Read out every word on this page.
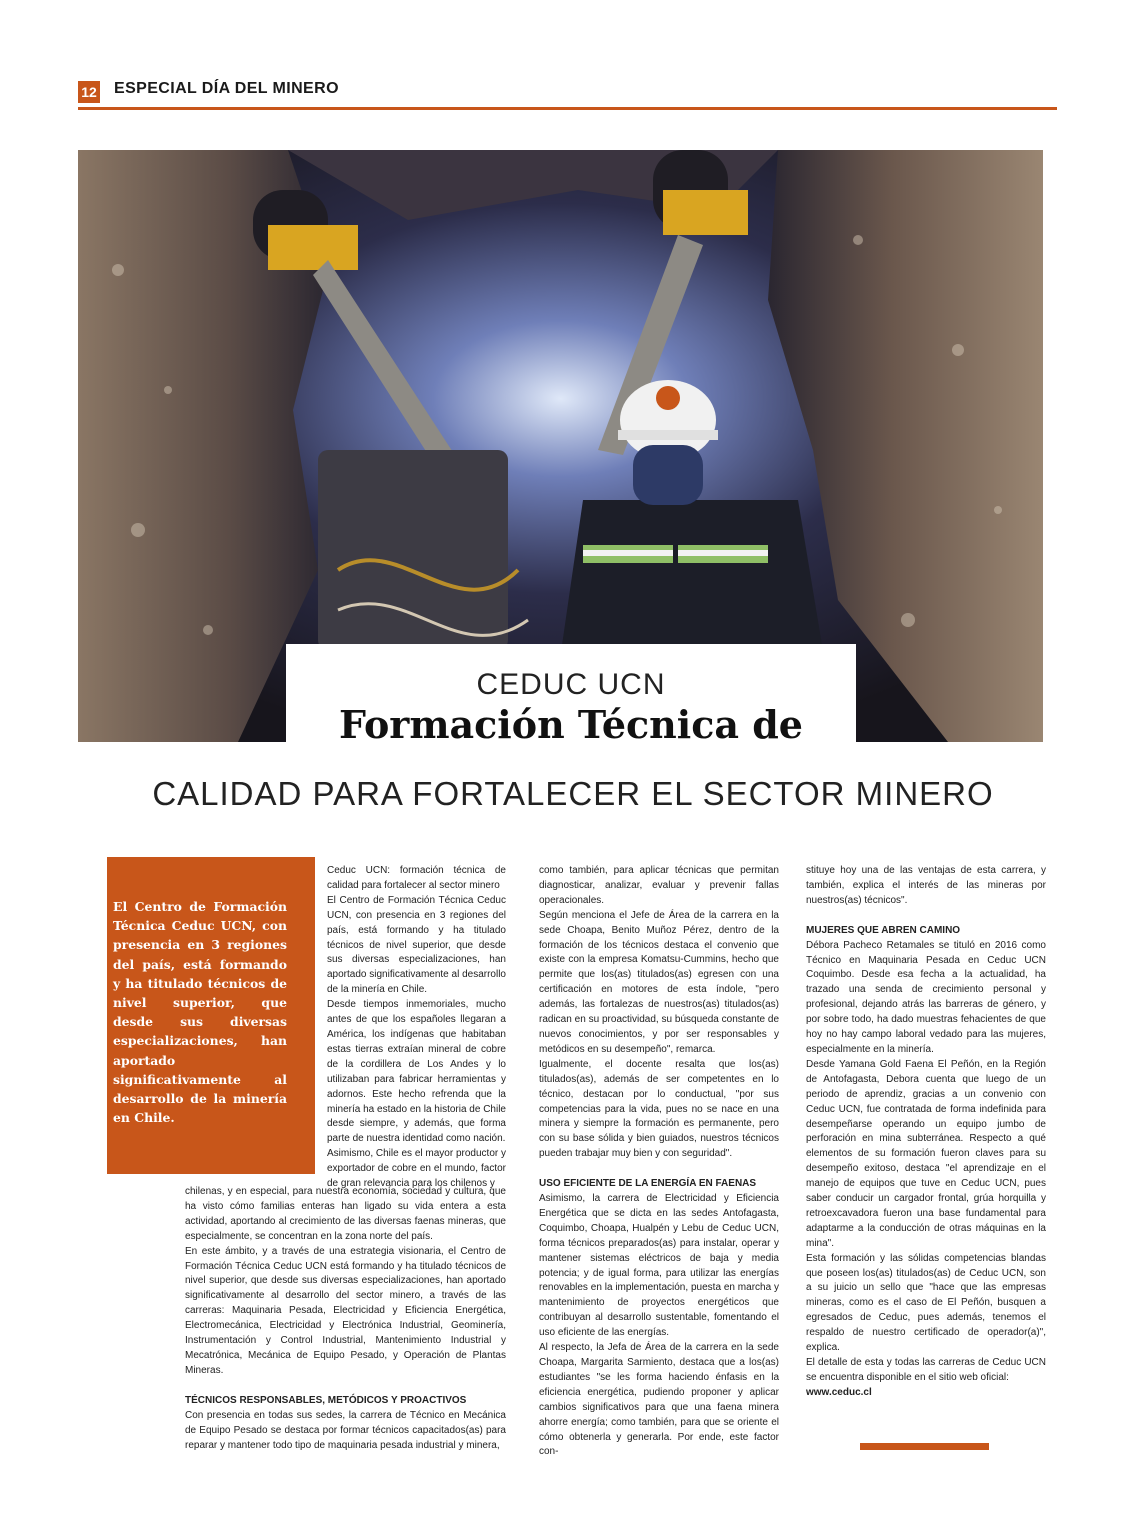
12 ESPECIAL DÍA DEL MINERO
CEDUC UCN
Formación Técnica de
CALIDAD PARA FORTALECER EL SECTOR MINERO

El Centro de Formación Técnica Ceduc UCN, con presencia en 3 regiones del país, está formando y ha titulado técnicos de nivel superior, que desde sus diversas especializaciones, han aportado significativamente al desarrollo de la minería en Chile.

Ceduc UCN: formación técnica de calidad para fortalecer al sector minero

El Centro de Formación Técnica Ceduc UCN, con presencia en 3 regiones del país, está formando y ha titulado técnicos de nivel superior, que desde sus diversas especializaciones, han aportado significativamente al desarrollo de la minería en Chile.

Desde tiempos inmemoriales, mucho antes de que los españoles llegaran a América, los indígenas que habitaban estas tierras extraían mineral de cobre de la cordillera de Los Andes y lo utilizaban para fabricar herramientas y adornos. Este hecho refrenda que la minería ha estado en la historia de Chile desde siempre, y además, que forma parte de nuestra identidad como nación.

Asimismo, Chile es el mayor productor y exportador de cobre en el mundo, factor de gran relevancia para los chilenos y

chilenas, y en especial, para nuestra economía, sociedad y cultura, que ha visto cómo familias enteras han ligado su vida entera a esta actividad, aportando al crecimiento de las diversas faenas mineras, que especialmente, se concentran en la zona norte del país.

En este ámbito, y a través de una estrategia visionaria, el Centro de Formación Técnica Ceduc UCN está formando y ha titulado técnicos de nivel superior, que desde sus diversas especializaciones, han aportado significativamente al desarrollo del sector minero, a través de las carreras: Maquinaria Pesada, Electricidad y Eficiencia Energética, Electromecánica, Electricidad y Electrónica Industrial, Geominería, Instrumentación y Control Industrial, Mantenimiento Industrial y Mecatrónica, Mecánica de Equipo Pesado, y Operación de Plantas Mineras.

TÉCNICOS RESPONSABLES, METÓDICOS Y PROACTIVOS

Con presencia en todas sus sedes, la carrera de Técnico en Mecánica de Equipo Pesado se destaca por formar técnicos capacitados(as) para reparar y mantener todo tipo de maquinaria pesada industrial y minera,

como también, para aplicar técnicas que permitan diagnosticar, analizar, evaluar y prevenir fallas operacionales.

Según menciona el Jefe de Área de la carrera en la sede Choapa, Benito Muñoz Pérez, dentro de la formación de los técnicos destaca el convenio que existe con la empresa Komatsu-Cummins, hecho que permite que los(as) titulados(as) egresen con una certificación en motores de esta índole, "pero además, las fortalezas de nuestros(as) titulados(as) radican en su proactividad, su búsqueda constante de nuevos conocimientos, y por ser responsables y metódicos en su desempeño", remarca.

Igualmente, el docente resalta que los(as) titulados(as), además de ser competentes en lo técnico, destacan por lo conductual, "por sus competencias para la vida, pues no se nace en una minera y siempre la formación es permanente, pero con su base sólida y bien guiados, nuestros técnicos pueden trabajar muy bien y con seguridad".

USO EFICIENTE DE LA ENERGÍA EN FAENAS

Asimismo, la carrera de Electricidad y Eficiencia Energética que se dicta en las sedes Antofagasta, Coquimbo, Choapa, Hualpén y Lebu de Ceduc UCN, forma técnicos preparados(as) para instalar, operar y mantener sistemas eléctricos de baja y media potencia; y de igual forma, para utilizar las energías renovables en la implementación, puesta en marcha y mantenimiento de proyectos energéticos que contribuyan al desarrollo sustentable, fomentando el uso eficiente de las energías.

Al respecto, la Jefa de Área de la carrera en la sede Choapa, Margarita Sarmiento, destaca que a los(as) estudiantes "se les forma haciendo énfasis en la eficiencia energética, pudiendo proponer y aplicar cambios significativos para que una faena minera ahorre energía; como también, para que se oriente el cómo obtenerla y generarla. Por ende, este factor con-

stituye hoy una de las ventajas de esta carrera, y también, explica el interés de las mineras por nuestros(as) técnicos".

MUJERES QUE ABREN CAMINO

Débora Pacheco Retamales se tituló en 2016 como Técnico en Maquinaria Pesada en Ceduc UCN Coquimbo. Desde esa fecha a la actualidad, ha trazado una senda de crecimiento personal y profesional, dejando atrás las barreras de género, y por sobre todo, ha dado muestras fehacientes de que hoy no hay campo laboral vedado para las mujeres, especialmente en la minería.

Desde Yamana Gold Faena El Peñón, en la Región de Antofagasta, Debora cuenta que luego de un periodo de aprendiz, gracias a un convenio con Ceduc UCN, fue contratada de forma indefinida para desempeñarse operando un equipo jumbo de perforación en mina subterránea. Respecto a qué elementos de su formación fueron claves para su desempeño exitoso, destaca "el aprendizaje en el manejo de equipos que tuve en Ceduc UCN, pues saber conducir un cargador frontal, grúa horquilla y retroexcavadora fueron una base fundamental para adaptarme a la conducción de otras máquinas en la mina".

Esta formación y las sólidas competencias blandas que poseen los(as) titulados(as) de Ceduc UCN, son a su juicio un sello que "hace que las empresas mineras, como es el caso de El Peñón, busquen a egresados de Ceduc, pues además, tenemos el respaldo de nuestro certificado de operador(a)", explica.

El detalle de esta y todas las carreras de Ceduc UCN se encuentra disponible en el sitio web oficial:

www.ceduc.cl
